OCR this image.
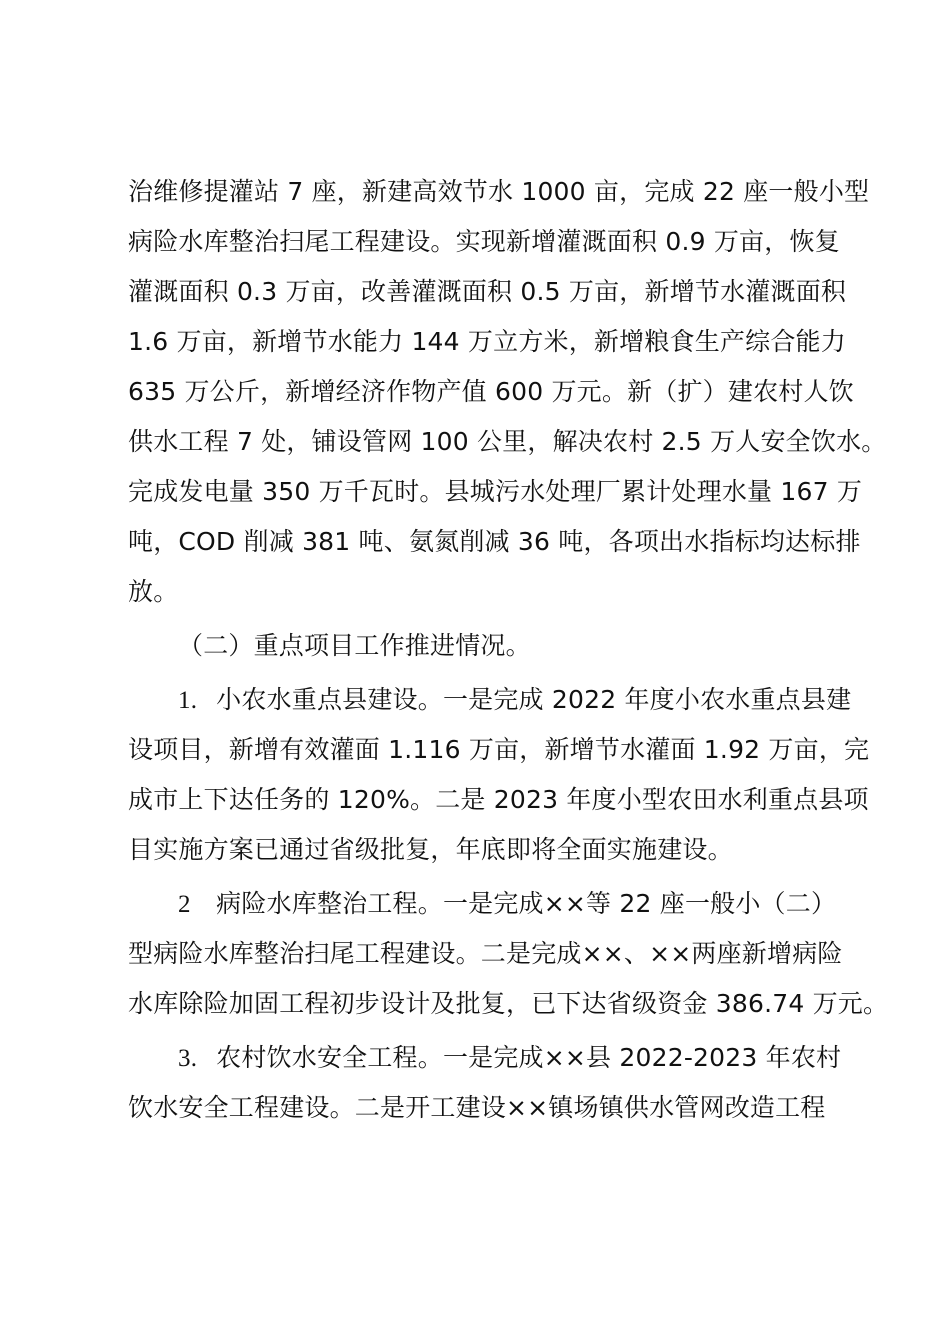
治维修提灌站 7 座，新建高效节水 1000 亩，完成 22 座一般小型
病险水库整治扫尾工程建设。实现新增灌溉面积 0.9 万亩，恢复
灌溉面积 0.3 万亩，改善灌溉面积 0.5 万亩，新增节水灌溉面积
1.6 万亩，新增节水能力 144 万立方米，新增粮食生产综合能力
635 万公斤，新增经济作物产值 600 万元。新（扩）建农村人饮
供水工程 7 处，铺设管网 100 公里，解决农村 2.5 万人安全饮水。
完成发电量 350 万千瓦时。县城污水处理厂累计处理水量 167 万
吨，COD 削减 381 吨、氨氮削减 36 吨，各项出水指标均达标排
放。
（二）重点项目工作推进情况。
1. 小农水重点县建设。一是完成 2022 年度小农水重点县建
设项目，新增有效灌面 1.116 万亩，新增节水灌面 1.92 万亩，完
成市上下达任务的 120%。二是 2023 年度小型农田水利重点县项
目实施方案已通过省级批复，年底即将全面实施建设。
2 病险水库整治工程。一是完成××等 22 座一般小（二）
型病险水库整治扫尾工程建设。二是完成××、××两座新增病险
水库除险加固工程初步设计及批复，已下达省级资金 386.74 万元。
3. 农村饮水安全工程。一是完成××县 2022-2023 年农村
饮水安全工程建设。二是开工建设××镇场镇供水管网改造工程
